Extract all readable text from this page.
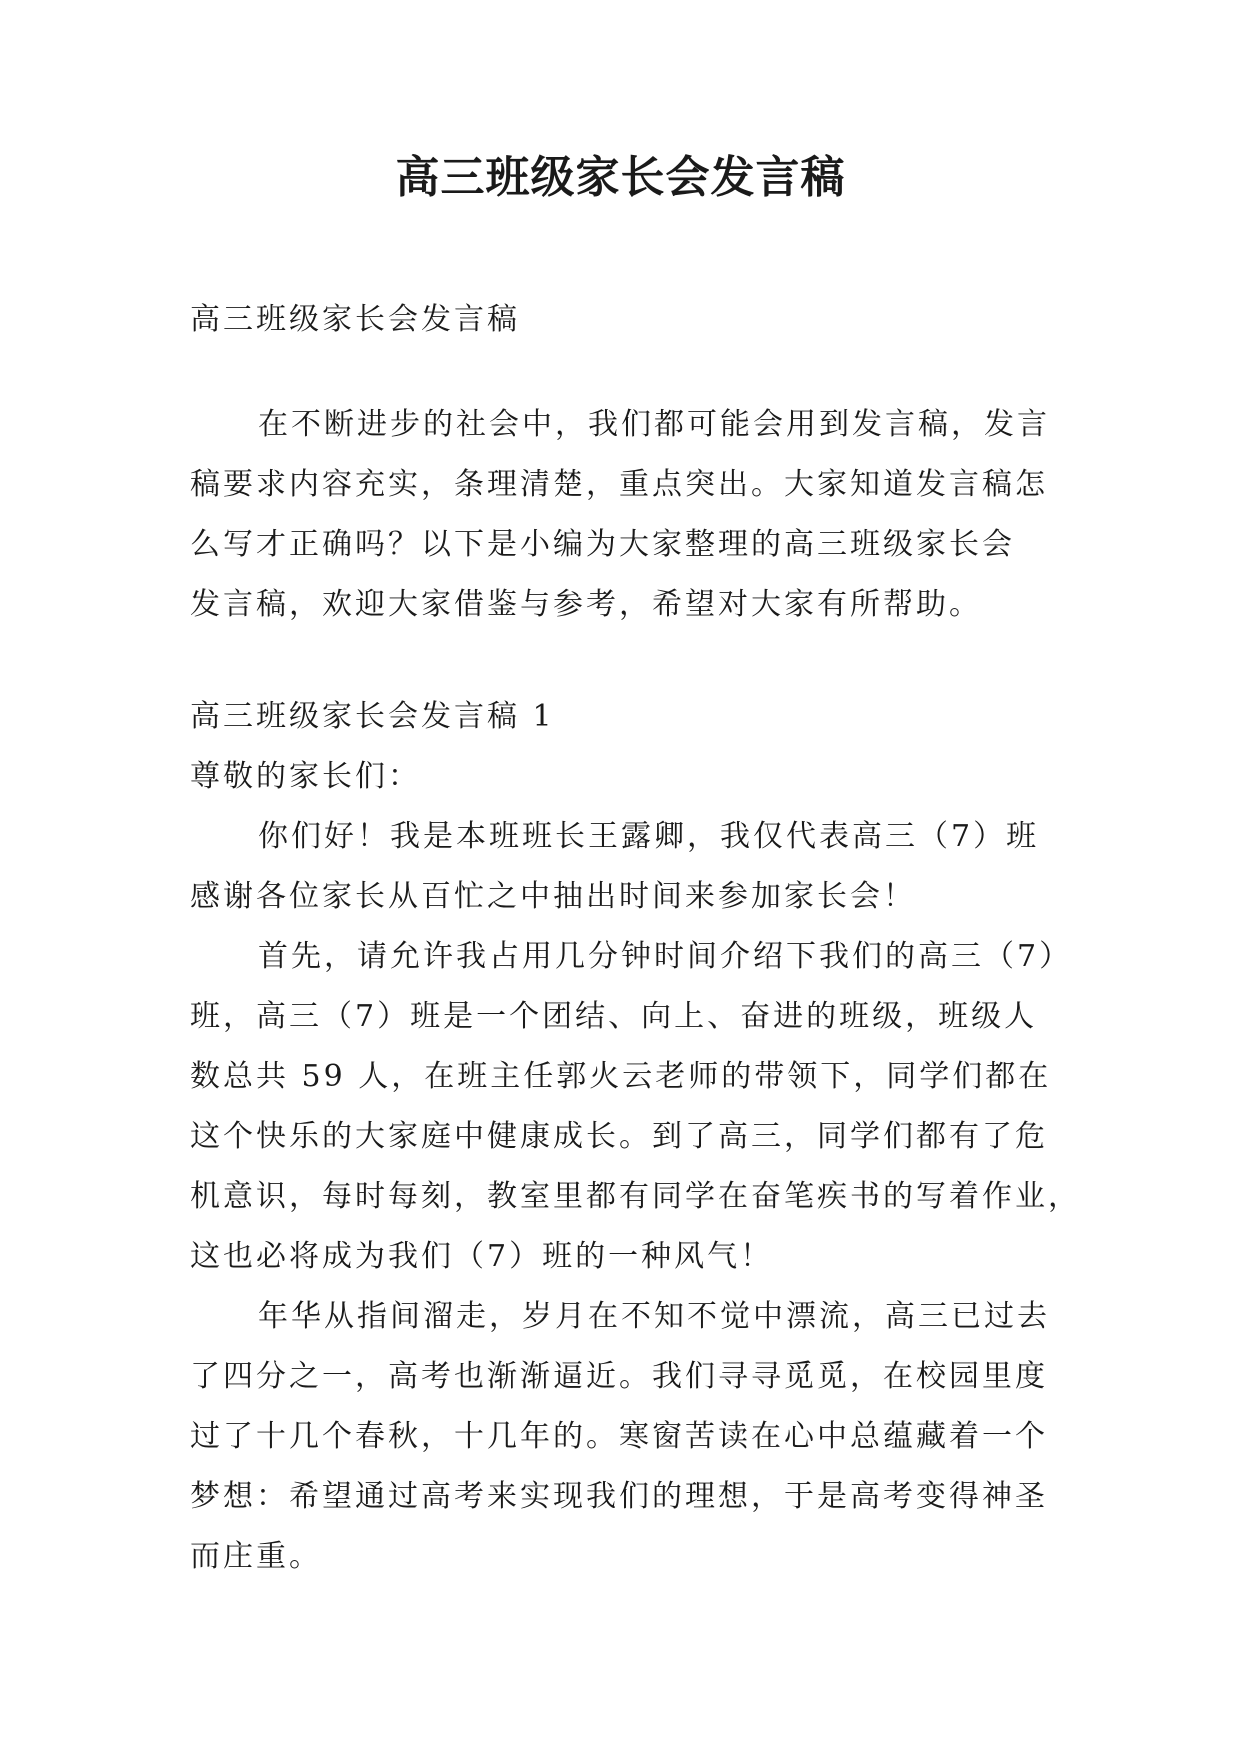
高三班级家长会发言稿

高三班级家长会发言稿

在不断进步的社会中，我们都可能会用到发言稿，发言

稿要求内容充实，条理清楚，重点突出。大家知道发言稿怎

么写才正确吗？以下是小编为大家整理的高三班级家长会

发言稿，欢迎大家借鉴与参考，希望对大家有所帮助。

高三班级家长会发言稿 1

尊敬的家长们：

你们好！我是本班班长王露卿，我仅代表高三（7）班

感谢各位家长从百忙之中抽出时间来参加家长会！

首先，请允许我占用几分钟时间介绍下我们的高三（7）

班，高三（7）班是一个团结、向上、奋进的班级，班级人

数总共 59 人，在班主任郭火云老师的带领下，同学们都在

这个快乐的大家庭中健康成长。到了高三，同学们都有了危

机意识，每时每刻，教室里都有同学在奋笔疾书的写着作业，

这也必将成为我们（7）班的一种风气！

年华从指间溜走，岁月在不知不觉中漂流，高三已过去

了四分之一，高考也渐渐逼近。我们寻寻觅觅，在校园里度

过了十几个春秋，十几年的。寒窗苦读在心中总蕴藏着一个

梦想：希望通过高考来实现我们的理想，于是高考变得神圣

而庄重。
